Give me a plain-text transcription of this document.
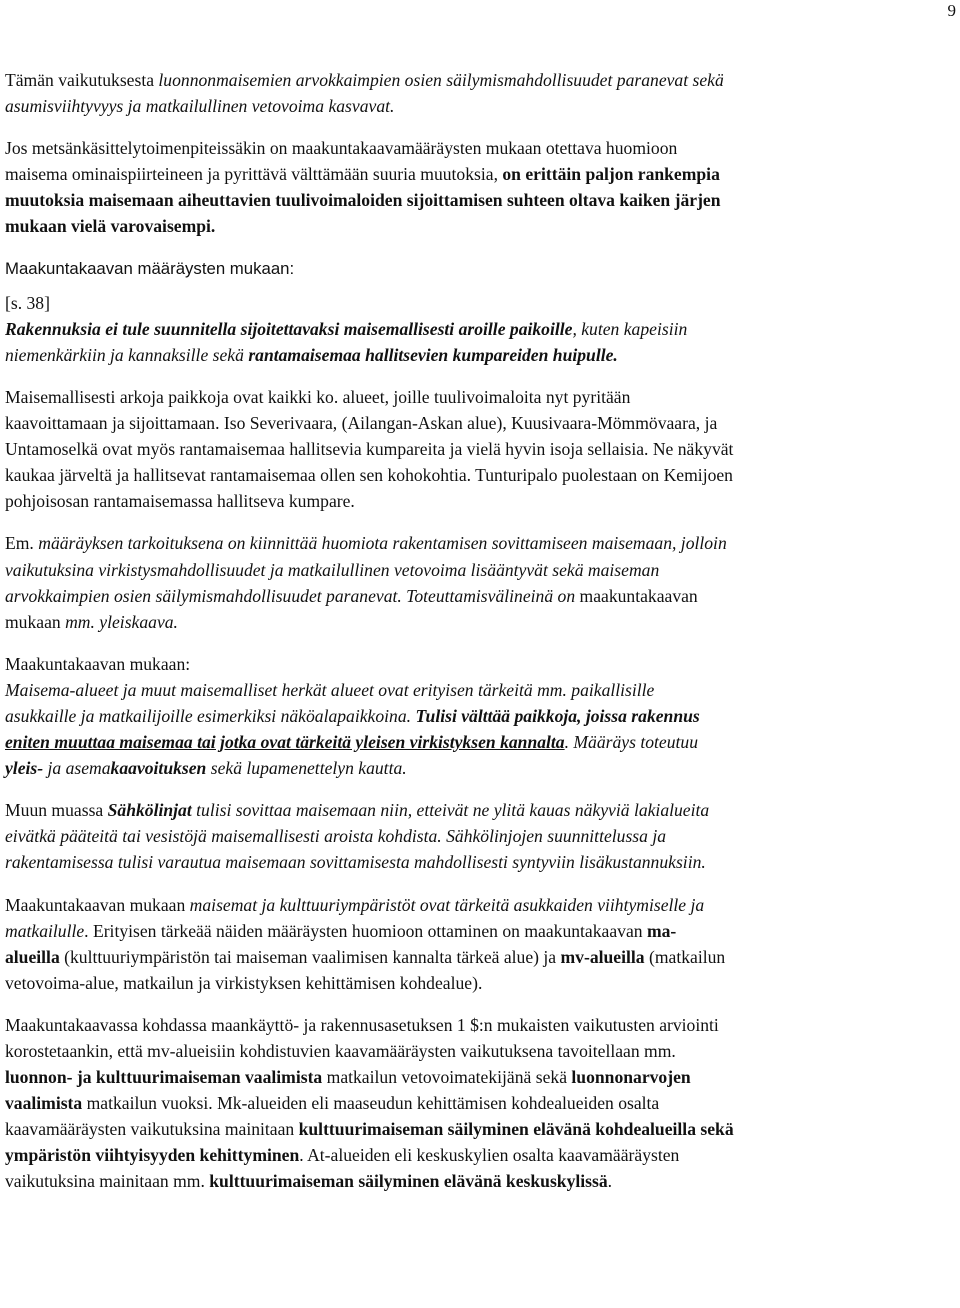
9
Tämän vaikutuksesta luonnonmaisemien arvokkaimpien osien säilymismahdollisuudet paranevat sekä
asumisviihtyvyys ja matkailullinen vetovoima kasvavat.
Jos metsänkäsittelytoimenpiteissäkin on maakuntakaavamääräysten mukaan otettava huomioon
maisema ominaispiirteineen ja pyrittävä välttämään suuria muutoksia, on erittäin paljon rankempia
muutoksia maisemaan aiheuttavien tuulivoimaloiden sijoittamisen suhteen oltava kaiken järjen
mukaan vielä varovaisempi.
Maakuntakaavan määräysten mukaan:
[s. 38]
Rakennuksia ei tule suunnitella sijoitettavaksi maisemallisesti aroille paikoille, kuten kapeisiin
niemenkärkiin ja kannaksille sekä rantamaisemaa hallitsevien kumpareiden huipulle.
Maisemallisesti arkoja paikkoja ovat kaikki ko. alueet, joille tuulivoimaloita nyt pyritään
kaavoittamaan ja sijoittamaan. Iso Severivaara, (Ailangan-Askan alue), Kuusivaara-Mömmövaara, ja
Untamoselkä ovat myös rantamaisemaa hallitsevia kumpareita ja vielä hyvin isoja sellaisia. Ne näkyvät
kaukaa järveltä ja hallitsevat rantamaisemaa ollen sen kohokohtia. Tunturipalo puolestaan on Kemijoen
pohjoisosan rantamaisemassa hallitseva kumpare.
Em. määräyksen tarkoituksena on kiinnittää huomiota rakentamisen sovittamiseen maisemaan, jolloin
vaikutuksina virkistysmahdollisuudet ja matkailullinen vetovoima lisääntyvät sekä maiseman
arvokkaimpien osien säilymismahdollisuudet paranevat. Toteuttamisvälineinä on maakuntakaavan
mukaan mm. yleiskaava.
Maakuntakaavan mukaan:
Maisema-alueet ja muut maisemalliset herkät alueet ovat erityisen tärkeitä mm. paikallisille
asukkaille ja matkailijoille esimerkiksi näköalapaikkoina. Tulisi välttää paikkoja, joissa rakennus
eniten muuttaa maisemaa tai jotka ovat tärkeitä yleisen virkistyksen kannalta. Määräys toteutuu
yleis- ja asemakaavoituksen sekä lupamenettelyn kautta.
Muun muassa Sähkölinjat tulisi sovittaa maisemaan niin, etteivät ne ylitä kauas näkyviä lakialueita
eivätkä pääteitä tai vesistöjä maisemallisesti aroista kohdista. Sähkölinjojen suunnittelussa ja
rakentamisessa tulisi varautua maisemaan sovittamisesta mahdollisesti syntyviin lisäkustannuksiin.
Maakuntakaavan mukaan maisemat ja kulttuuriympäristöt ovat tärkeitä asukkaiden viihtymiselle ja
matkailulle. Erityisen tärkeää näiden määräysten huomioon ottaminen on maakuntakaavan ma-
alueilla (kulttuuriympäristön tai maiseman vaalimisen kannalta tärkeä alue) ja mv-alueilla (matkailun
vetovoima-alue, matkailun ja virkistyksen kehittämisen kohdealue).
Maakuntakaavassa kohdassa maankäyttö- ja rakennusasetuksen 1 $:n mukaisten vaikutusten arviointi
korostetaankin, että mv-alueisiin kohdistuvien kaavamääräysten vaikutuksena tavoitellaan mm.
luonnon- ja kulttuurimaiseman vaalimista matkailun vetovoimatekijänä sekä luonnonarvojen
vaalimista matkailun vuoksi. Mk-alueiden eli maaseudun kehittämisen kohdealueiden osalta
kaavamääräysten vaikutuksina mainitaan kulttuurimaiseman säilyminen elävänä kohdealueilla sekä
ympäristön viihtyisyyden kehittyminen. At-alueiden eli keskuskylien osalta kaavamääräysten
vaikutuksina mainitaan mm. kulttuurimaiseman säilyminen elävänä keskuskylissä.
